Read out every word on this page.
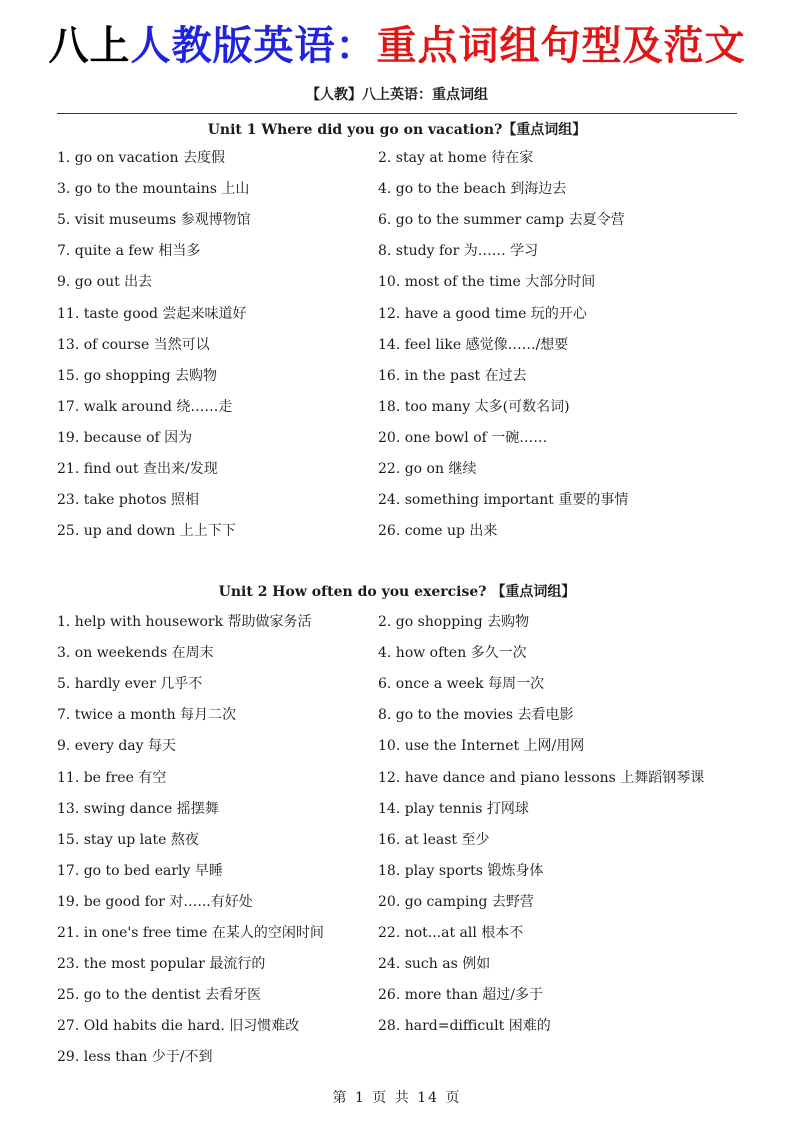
八上人教版英语：重点词组句型及范文
【人教】八上英语：重点词组
Unit 1 Where did you go on vacation?【重点词组】
1. go on vacation 去度假	2. stay at home 待在家
3. go to the mountains 上山	4. go to the beach 到海边去
5. visit museums 参观博物馆	6. go to the summer camp 去夏令营
7. quite a few 相当多	8. study for 为…… 学习
9. go out 出去	10. most of the time 大部分时间
11. taste good 尝起来味道好	12. have a good time 玩的开心
13. of course 当然可以	14. feel like 感觉像……/想要
15. go shopping 去购物	16. in the past 在过去
17. walk around 绕……走	18. too many 太多(可数名词)
19. because of 因为	20. one bowl of 一碗……
21. find out 查出来/发现	22. go on 继续
23. take photos 照相	24. something important 重要的事情
25. up and down 上上下下	26. come up 出来
Unit 2 How often do you exercise? 【重点词组】
1. help with housework 帮助做家务活	2. go shopping 去购物
3. on weekends 在周末	4. how often 多久一次
5. hardly ever 几乎不	6. once a week 每周一次
7. twice a month 每月二次	8. go to the movies 去看电影
9. every day 每天	10. use the Internet 上网/用网
11. be free 有空	12. have dance and piano lessons 上舞蹈钢琴课
13. swing dance 摇摆舞	14. play tennis 打网球
15. stay up late 熬夜	16. at least 至少
17. go to bed early 早睡	18. play sports 锻炼身体
19. be good for 对…...有好处	20. go camping 去野营
21. in one's free time 在某人的空闲时间	22. not...at all 根本不
23. the most popular 最流行的	24. such as 例如
25. go to the dentist 去看牙医	26. more than 超过/多于
27. Old habits die hard. 旧习惯难改	28. hard=difficult 困难的
29. less than 少于/不到
第 1 页 共 14 页
